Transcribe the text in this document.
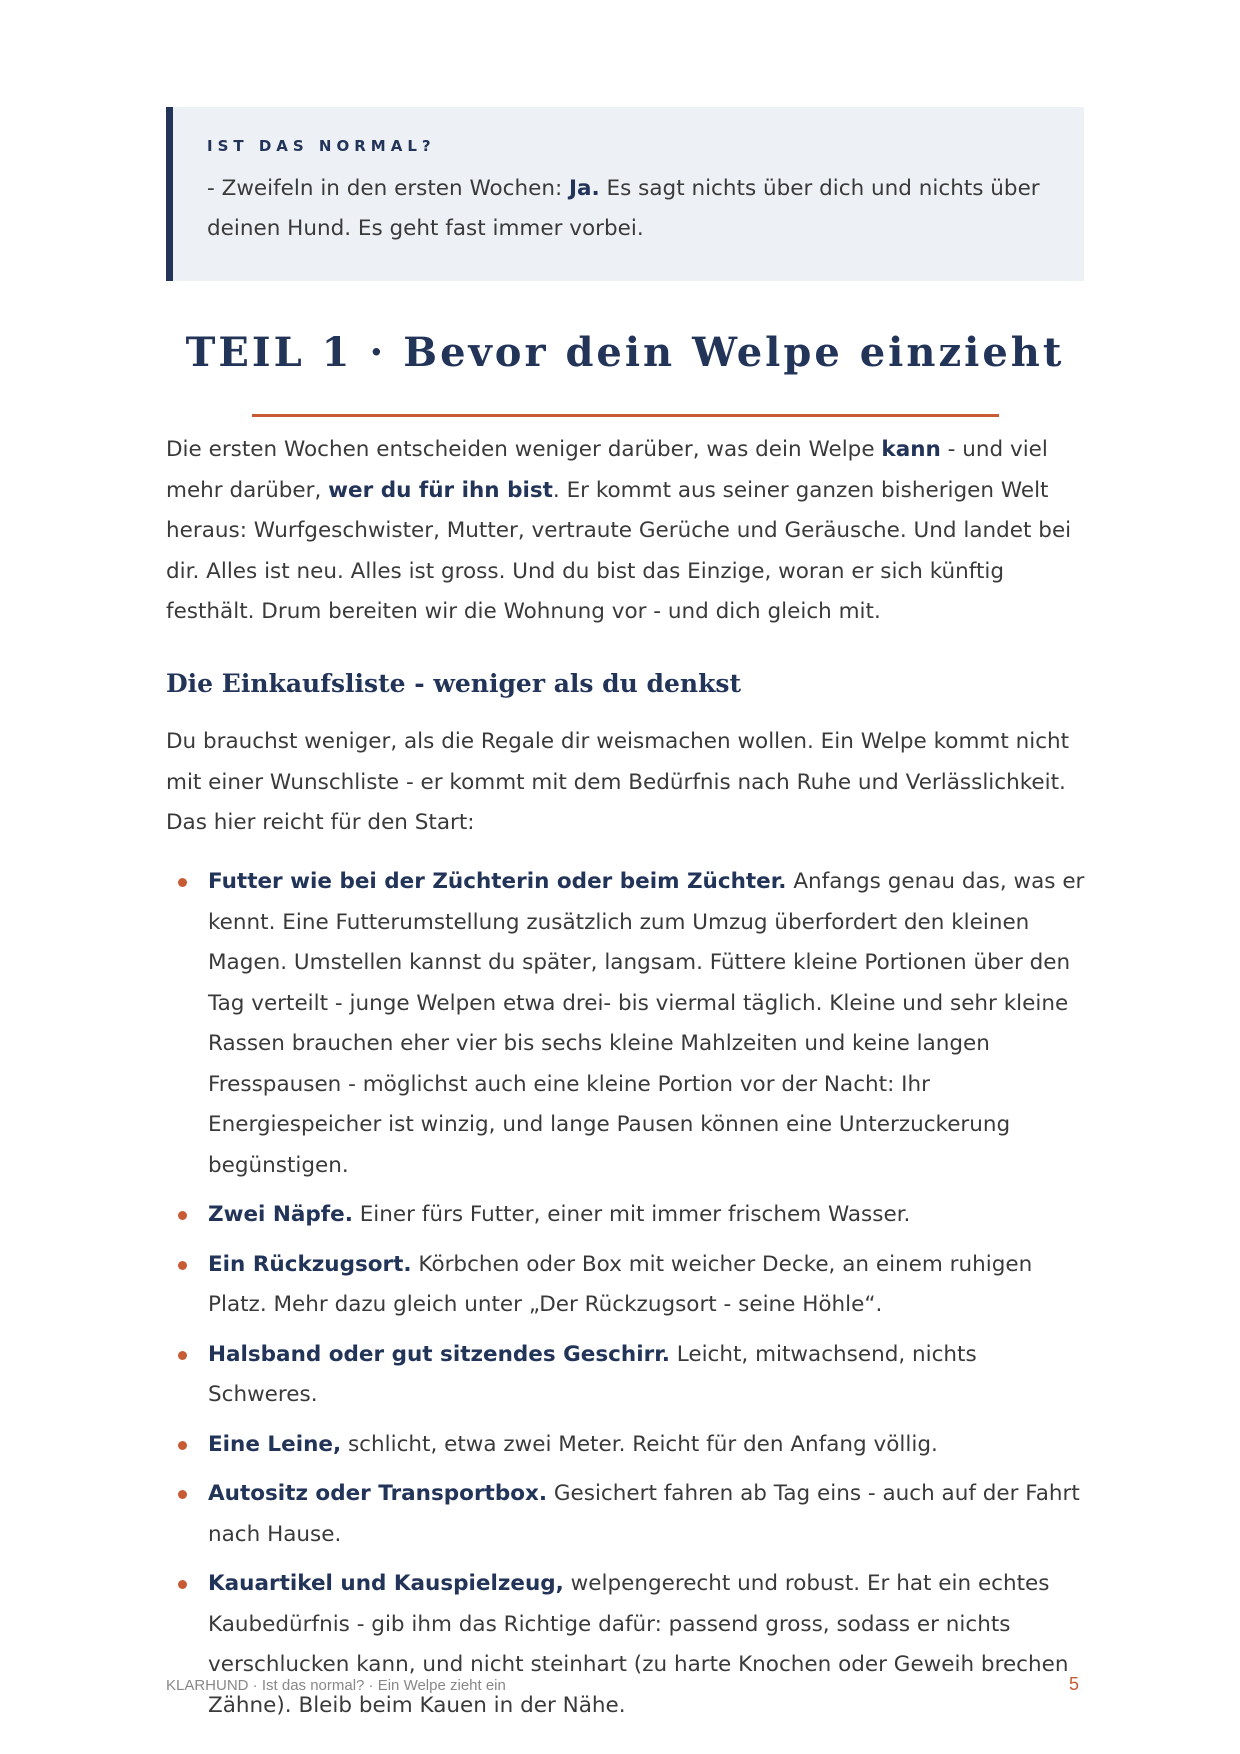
IST DAS NORMAL?

- Zweifeln in den ersten Wochen: Ja. Es sagt nichts über dich und nichts über deinen Hund. Es geht fast immer vorbei.

TEIL 1 · Bevor dein Welpe einzieht

Die ersten Wochen entscheiden weniger darüber, was dein Welpe kann - und viel mehr darüber, wer du für ihn bist. Er kommt aus seiner ganzen bisherigen Welt heraus: Wurfgeschwister, Mutter, vertraute Gerüche und Geräusche. Und landet bei dir. Alles ist neu. Alles ist gross. Und du bist das Einzige, woran er sich künftig festhält. Drum bereiten wir die Wohnung vor - und dich gleich mit.

Die Einkaufsliste - weniger als du denkst

Du brauchst weniger, als die Regale dir weismachen wollen. Ein Welpe kommt nicht mit einer Wunschliste - er kommt mit dem Bedürfnis nach Ruhe und Verlässlichkeit. Das hier reicht für den Start:

Futter wie bei der Züchterin oder beim Züchter. Anfangs genau das, was er kennt. Eine Futterumstellung zusätzlich zum Umzug überfordert den kleinen Magen. Umstellen kannst du später, langsam. Füttere kleine Portionen über den Tag verteilt - junge Welpen etwa drei- bis viermal täglich. Kleine und sehr kleine Rassen brauchen eher vier bis sechs kleine Mahlzeiten und keine langen Fresspausen - möglichst auch eine kleine Portion vor der Nacht: Ihr Energiespeicher ist winzig, und lange Pausen können eine Unterzuckerung begünstigen.
Zwei Näpfe. Einer fürs Futter, einer mit immer frischem Wasser.
Ein Rückzugsort. Körbchen oder Box mit weicher Decke, an einem ruhigen Platz. Mehr dazu gleich unter „Der Rückzugsort - seine Höhle“.
Halsband oder gut sitzendes Geschirr. Leicht, mitwachsend, nichts Schweres.
Eine Leine, schlicht, etwa zwei Meter. Reicht für den Anfang völlig.
Autositz oder Transportbox. Gesichert fahren ab Tag eins - auch auf der Fahrt nach Hause.
Kauartikel und Kauspielzeug, welpengerecht und robust. Er hat ein echtes Kaubedürfnis - gib ihm das Richtige dafür: passend gross, sodass er nichts verschlucken kann, und nicht steinhart (zu harte Knochen oder Geweih brechen Zähne). Bleib beim Kauen in der Nähe.
KLARHUND · Ist das normal? · Ein Welpe zieht ein	5
